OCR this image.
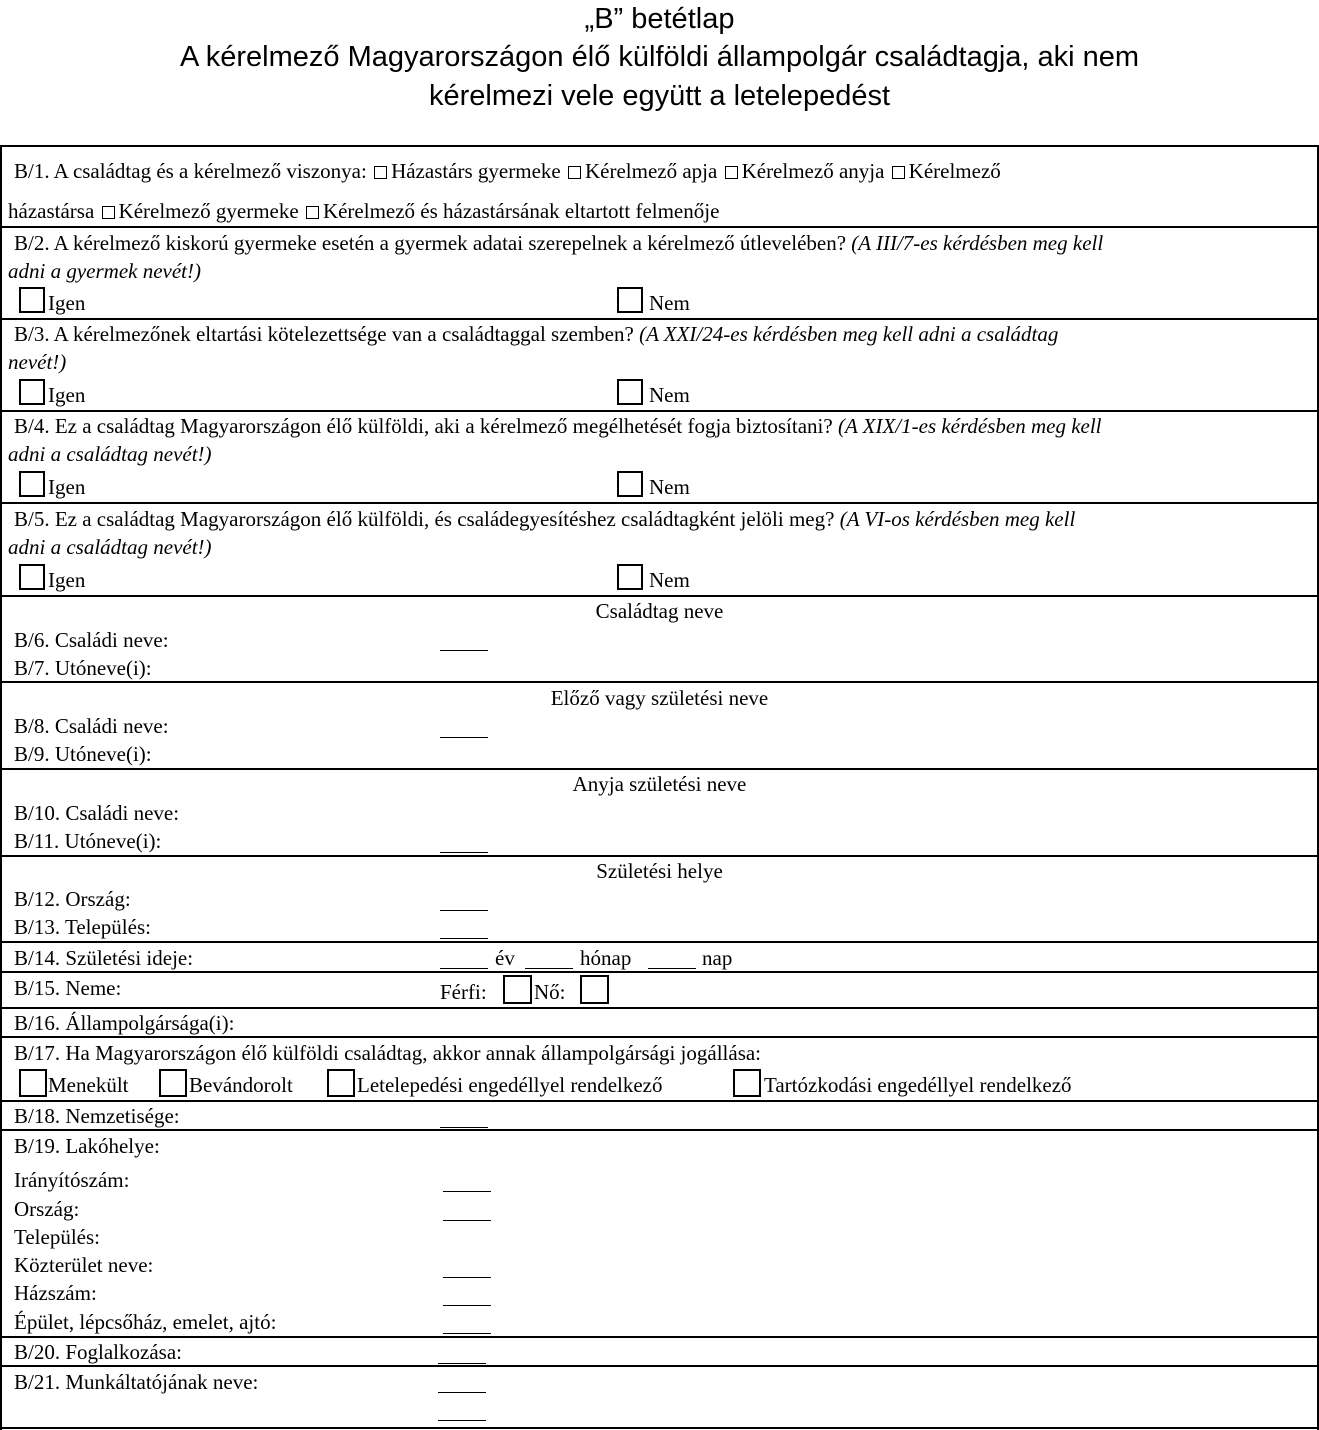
„B” betétlap
A kérelmező Magyarországon élő külföldi állampolgár családtagja, aki nem
kérelmezi vele együtt a letelepedést
B/1. A családtag és a kérelmező viszonya: Házastárs gyermeke Kérelmező apja Kérelmező anyja Kérelmező
házastársa Kérelmező gyermeke Kérelmező és házastársának eltartott felmenője
B/2. A kérelmező kiskorú gyermeke esetén a gyermek adatai szerepelnek a kérelmező útlevelében? (A III/7-es kérdésben meg kell
adni a gyermek nevét!)
Igen	Nem
B/3. A kérelmezőnek eltartási kötelezettsége van a családtaggal szemben? (A XXI/24-es kérdésben meg kell adni a családtag
nevét!)
Igen	Nem
B/4. Ez a családtag Magyarországon élő külföldi, aki a kérelmező megélhetését fogja biztosítani? (A XIX/1-es kérdésben meg kell
adni a családtag nevét!)
Igen	Nem
B/5. Ez a családtag Magyarországon élő külföldi, és családegyesítéshez családtagként jelöli meg? (A VI-os kérdésben meg kell
adni a családtag nevét!)
Igen	Nem
Családtag neve
B/6. Családi neve:
B/7. Utóneve(i):
Előző vagy születési neve
B/8. Családi neve:
B/9. Utóneve(i):
Anyja születési neve
B/10. Családi neve:
B/11. Utóneve(i):
Születési helye
B/12. Ország:
B/13. Település:
B/14. Születési ideje:	év	hónap	nap
B/15. Neme:	Férfi: Nő:
B/16. Állampolgársága(i):
B/17. Ha Magyarországon élő külföldi családtag, akkor annak állampolgársági jogállása:
Menekült	Bevándorolt	Letelepedési engedéllyel rendelkező	Tartózkodási engedéllyel rendelkező
B/18. Nemzetisége:
B/19. Lakóhelye:
Irányítószám:
Ország:
Település:
Közterület neve:
Házszám:
Épület, lépcsőház, emelet, ajtó:
B/20. Foglalkozása:
B/21. Munkáltatójának neve:
